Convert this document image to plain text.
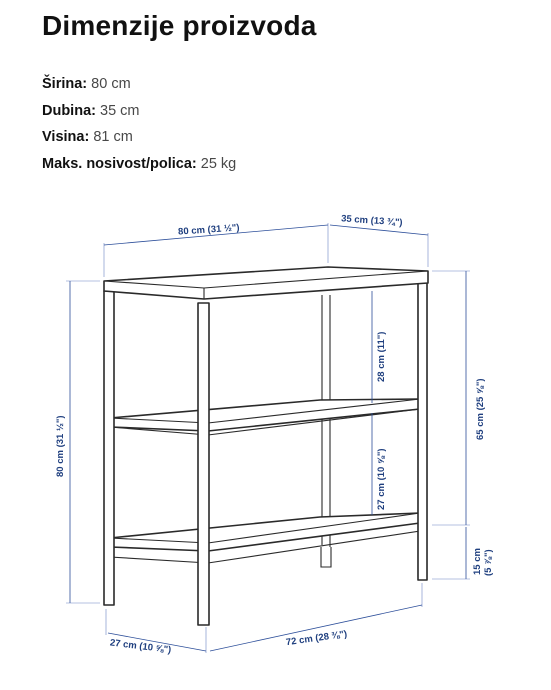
Dimenzije proizvoda
Širina: 80 cm
Dubina: 35 cm
Visina: 81 cm
Maks. nosivost/polica: 25 kg
80 cm (31 ½")
35 cm (13 ¾")
80 cm (31 ½")
28 cm (11")
27 cm (10 ⅝")
65 cm (25 ⅝")
15 cm (5 ⅞")
27 cm (10 ⅝")	72 cm (28 ⅜")
